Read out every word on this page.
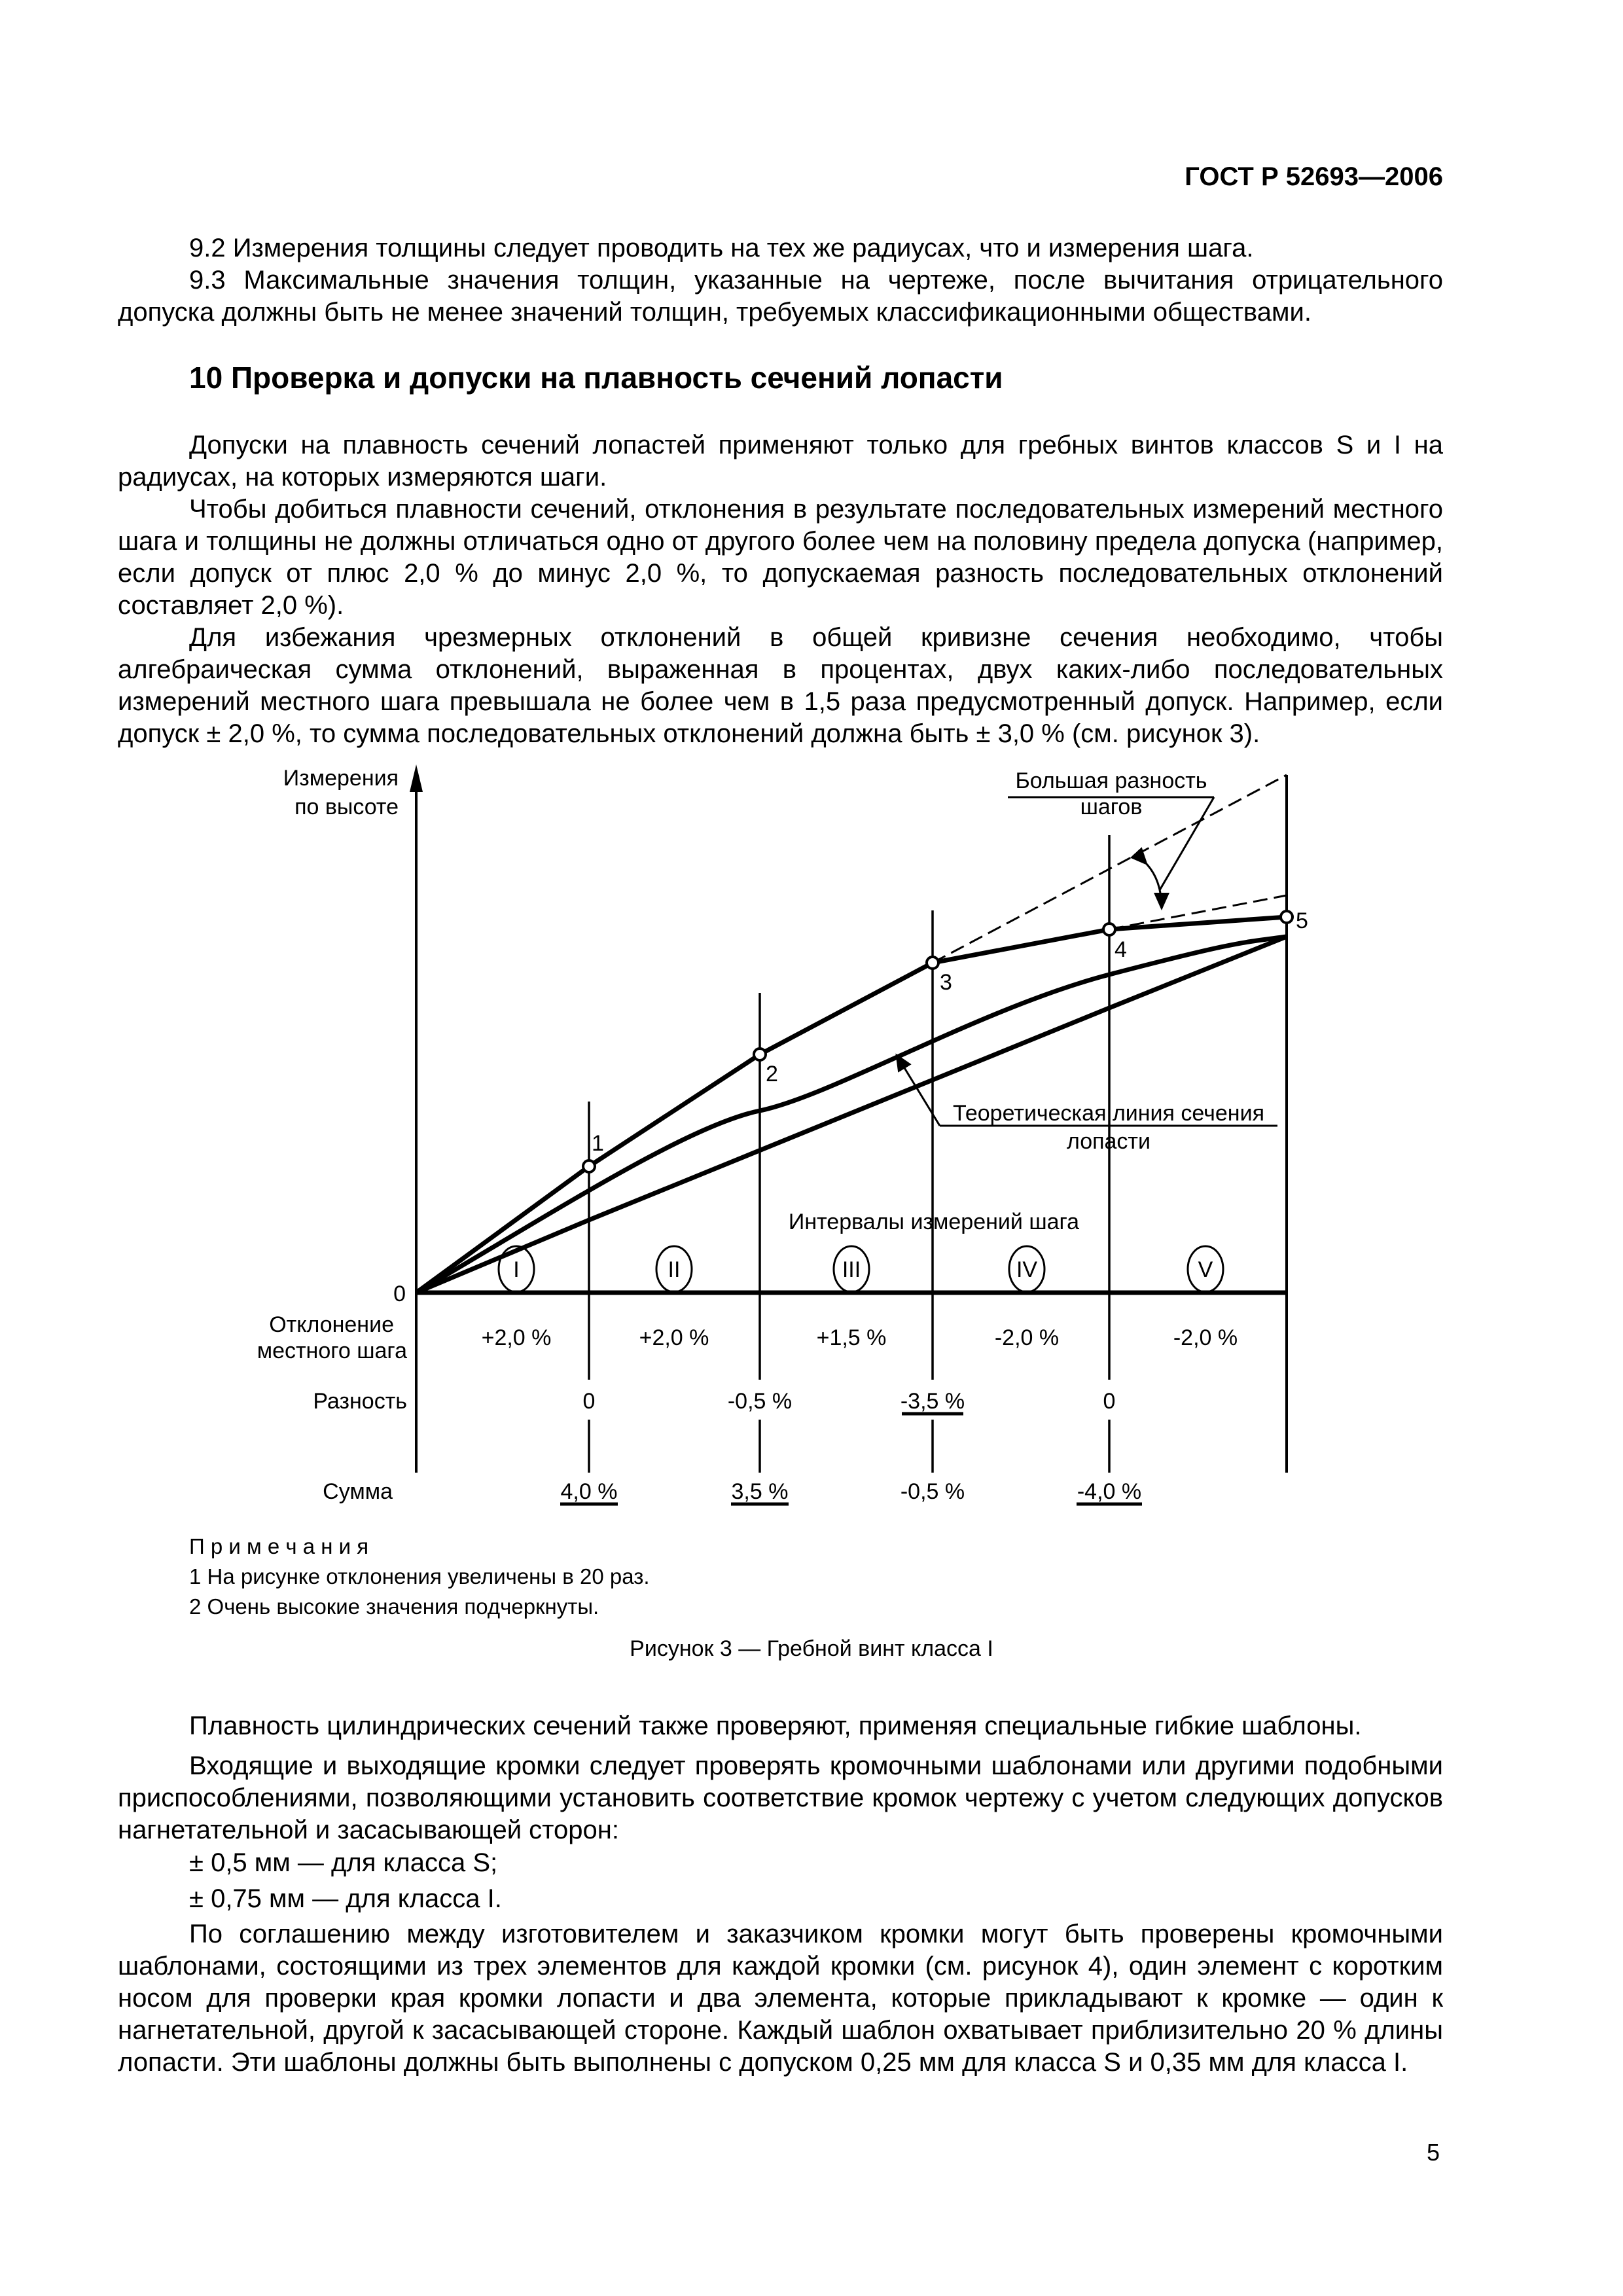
ГОСТ Р 52693—2006

9.2 Измерения толщины следует проводить на тех же радиусах, что и измерения шага.

9.3 Максимальные значения толщин, указанные на чертеже, после вычитания отрицательного допуска должны быть не менее значений толщин, требуемых классификационными обществами.

10 Проверка и допуски на плавность сечений лопасти

Допуски на плавность сечений лопастей применяют только для гребных винтов классов S и I на радиусах, на которых измеряются шаги.

Чтобы добиться плавности сечений, отклонения в результате последовательных измерений местного шага и толщины не должны отличаться одно от другого более чем на половину предела допуска (например, если допуск от плюс 2,0 % до минус 2,0 %, то допускаемая разность последовательных отклонений составляет 2,0 %).

Для избежания чрезмерных отклонений в общей кривизне сечения необходимо, чтобы алгебраическая сумма отклонений, выраженная в процентах, двух каких-либо последовательных измерений местного шага превышала не более чем в 1,5 раза предусмотренный допуск. Например, если допуск ± 2,0 %, то сумма последовательных отклонений должна быть ± 3,0 % (см. рисунок 3).

1
2
3
4
5
Измерения
по высоте
0
Большая разность
шагов
Теоретическая линия сечения
лопасти
Интервалы измерений шага
I	II	III	IV	V
Отклонение
местного шага
+2,0 %	+2,0 %	+1,5 %	-2,0 %	-2,0 %
Разность	0	-0,5 %	-3,5 %	0
Сумма	4,0 %	3,5 %	-0,5 %	-4,0 %
П р и м е ч а н и я
1 На рисунке отклонения увеличены в 20 раз.
2 Очень высокие значения подчеркнуты.
Рисунок 3 — Гребной винт класса I

Плавность цилиндрических сечений также проверяют, применяя специальные гибкие шаблоны.

Входящие и выходящие кромки следует проверять кромочными шаблонами или другими подобными приспособлениями, позволяющими установить соответствие кромок чертежу с учетом следующих допусков нагнетательной и засасывающей сторон:

± 0,5 мм — для класса S;

± 0,75 мм — для класса I.

По соглашению между изготовителем и заказчиком кромки могут быть проверены кромочными шаблонами, состоящими из трех элементов для каждой кромки (см. рисунок 4), один элемент с коротким носом для проверки края кромки лопасти и два элемента, которые прикладывают к кромке — один к нагнетательной, другой к засасывающей стороне. Каждый шаблон охватывает приблизительно 20 % длины лопасти. Эти шаблоны должны быть выполнены с допуском 0,25 мм для класса S и 0,35 мм для класса I.

5
